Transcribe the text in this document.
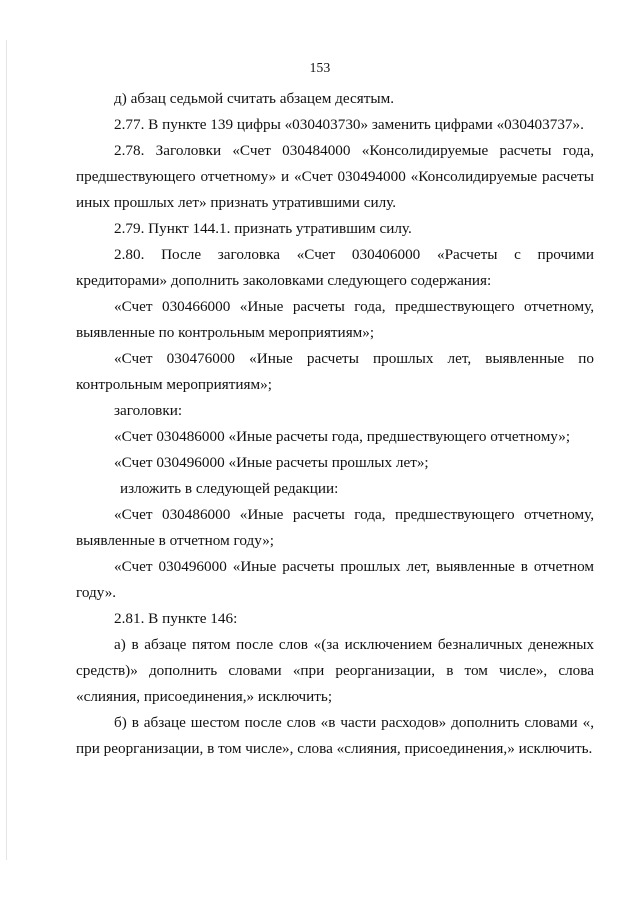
153

д) абзац седьмой считать абзацем десятым.

2.77. В пункте 139 цифры «030403730» заменить цифрами «030403737».

2.78. Заголовки «Счет 030484000 «Консолидируемые расчеты года, предшествующего отчетному» и «Счет 030494000 «Консолидируемые расчеты иных прошлых лет» признать утратившими силу.

2.79. Пункт 144.1. признать утратившим силу.

2.80. После заголовка «Счет 030406000 «Расчеты с прочими кредиторами» дополнить заколовками следующего содержания:

«Счет 030466000 «Иные расчеты года, предшествующего отчетному, выявленные по контрольным мероприятиям»;

«Счет 030476000 «Иные расчеты прошлых лет, выявленные по контрольным мероприятиям»;

заголовки:

«Счет 030486000 «Иные расчеты года, предшествующего отчетному»;

«Счет 030496000 «Иные расчеты прошлых лет»;

изложить в следующей редакции:

«Счет 030486000 «Иные расчеты года, предшествующего отчетному, выявленные в отчетном году»;

«Счет 030496000 «Иные расчеты прошлых лет, выявленные в отчетном году».

2.81. В пункте 146:

а) в абзаце пятом после слов «(за исключением безналичных денежных средств)» дополнить словами «при реорганизации, в том числе», слова «слияния, присоединения,» исключить;

б) в абзаце шестом после слов «в части расходов» дополнить словами «, при реорганизации, в том числе», слова «слияния, присоединения,» исключить.
